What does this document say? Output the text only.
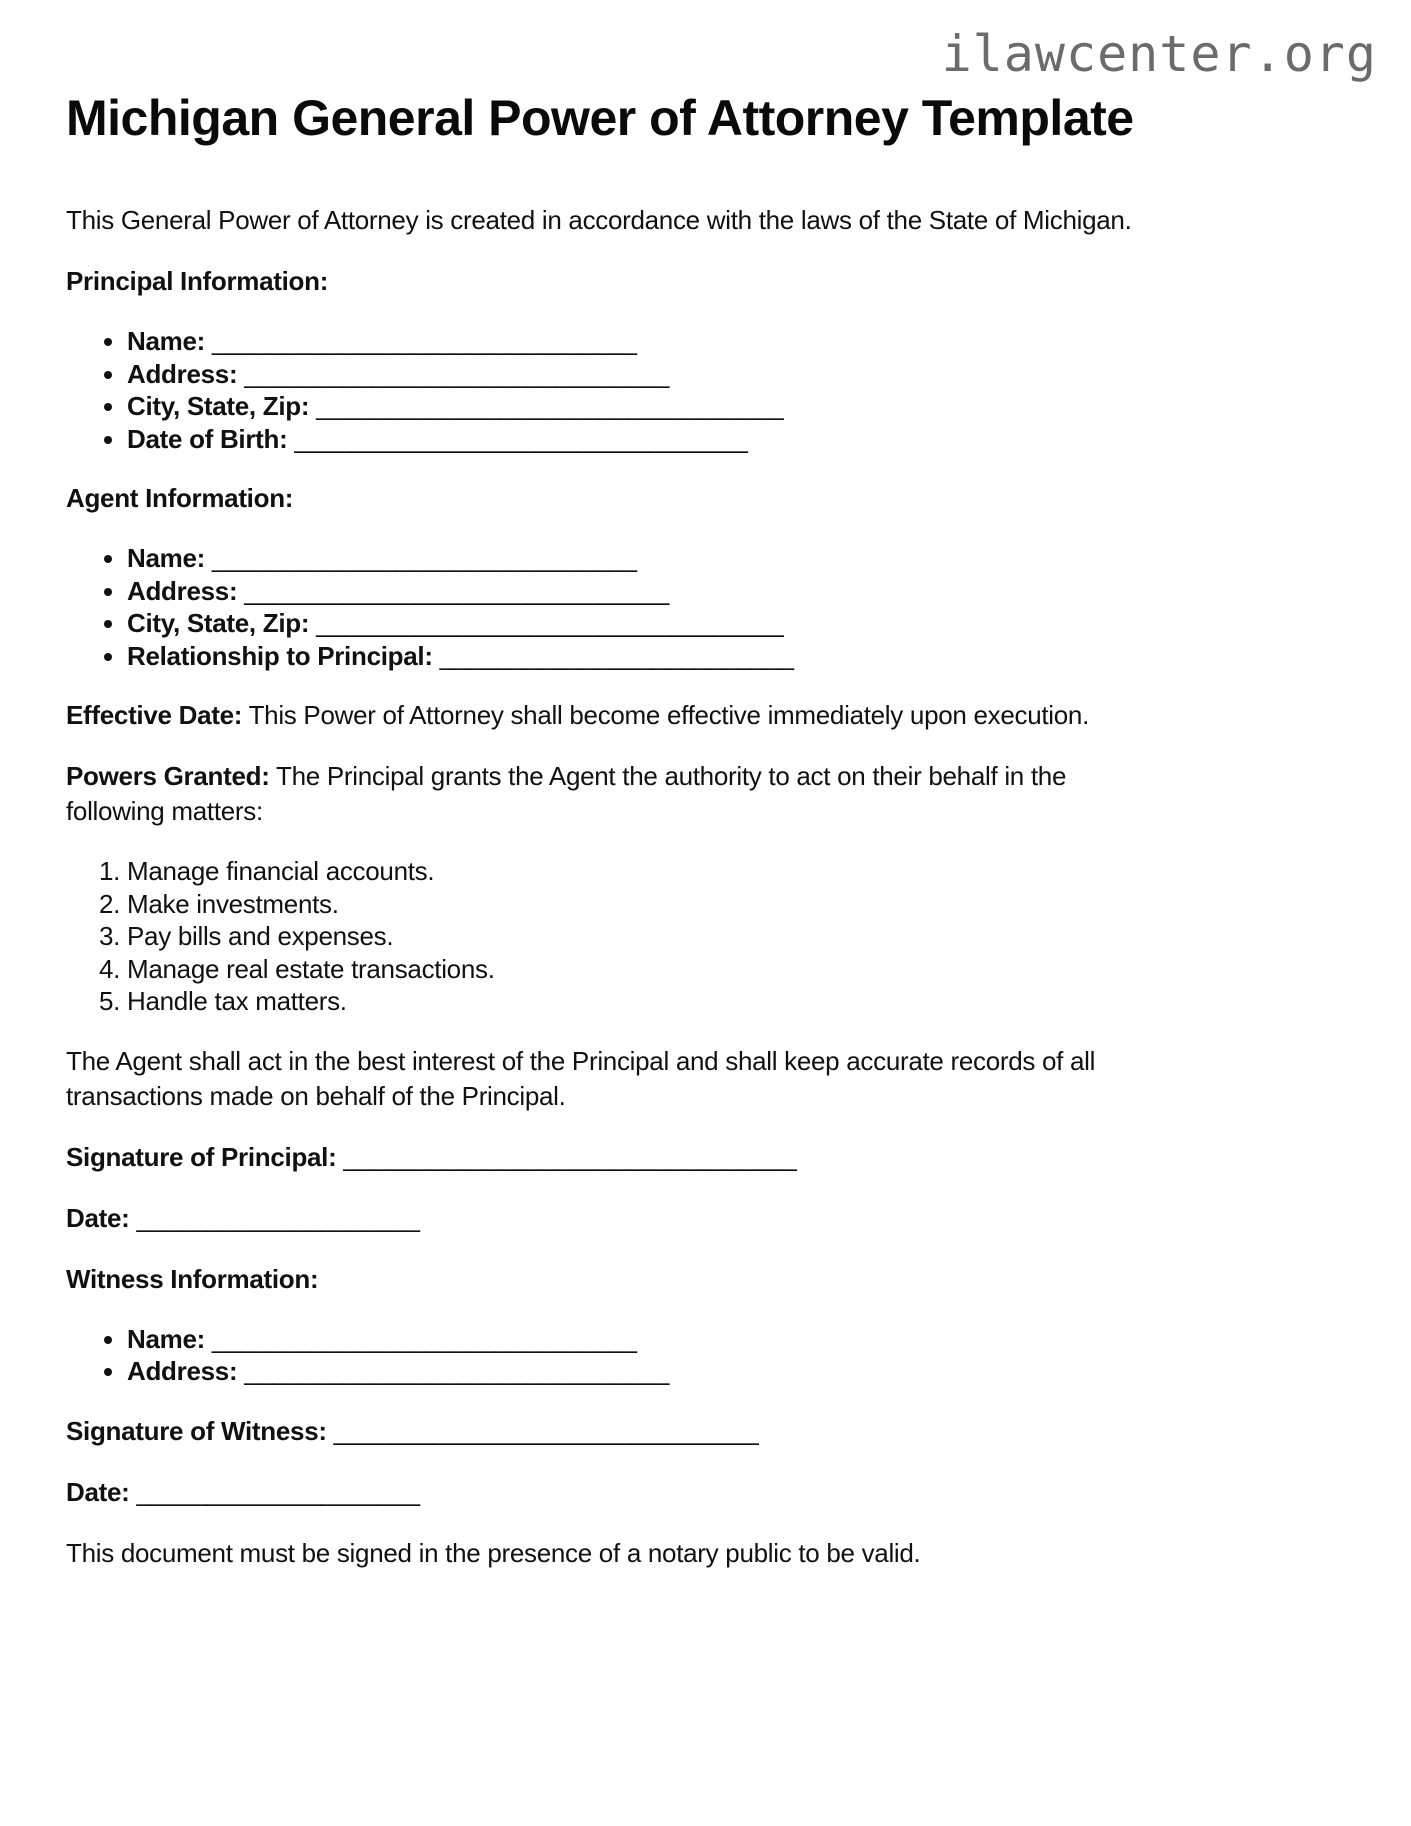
ilawcenter.org
Michigan General Power of Attorney Template

This General Power of Attorney is created in accordance with the laws of the State of Michigan.

Principal Information:

• Name: ______________________________
• Address: ______________________________
• City, State, Zip: _________________________________
• Date of Birth: ________________________________

Agent Information:

• Name: ______________________________
• Address: ______________________________
• City, State, Zip: _________________________________
• Relationship to Principal: _________________________

Effective Date: This Power of Attorney shall become effective immediately upon execution.

Powers Granted: The Principal grants the Agent the authority to act on their behalf in the following matters:

1. Manage financial accounts.
2. Make investments.
3. Pay bills and expenses.
4. Manage real estate transactions.
5. Handle tax matters.

The Agent shall act in the best interest of the Principal and shall keep accurate records of all transactions made on behalf of the Principal.

Signature of Principal: ________________________________

Date: ____________________

Witness Information:

• Name: ______________________________
• Address: ______________________________

Signature of Witness: ______________________________

Date: ____________________

This document must be signed in the presence of a notary public to be valid.
